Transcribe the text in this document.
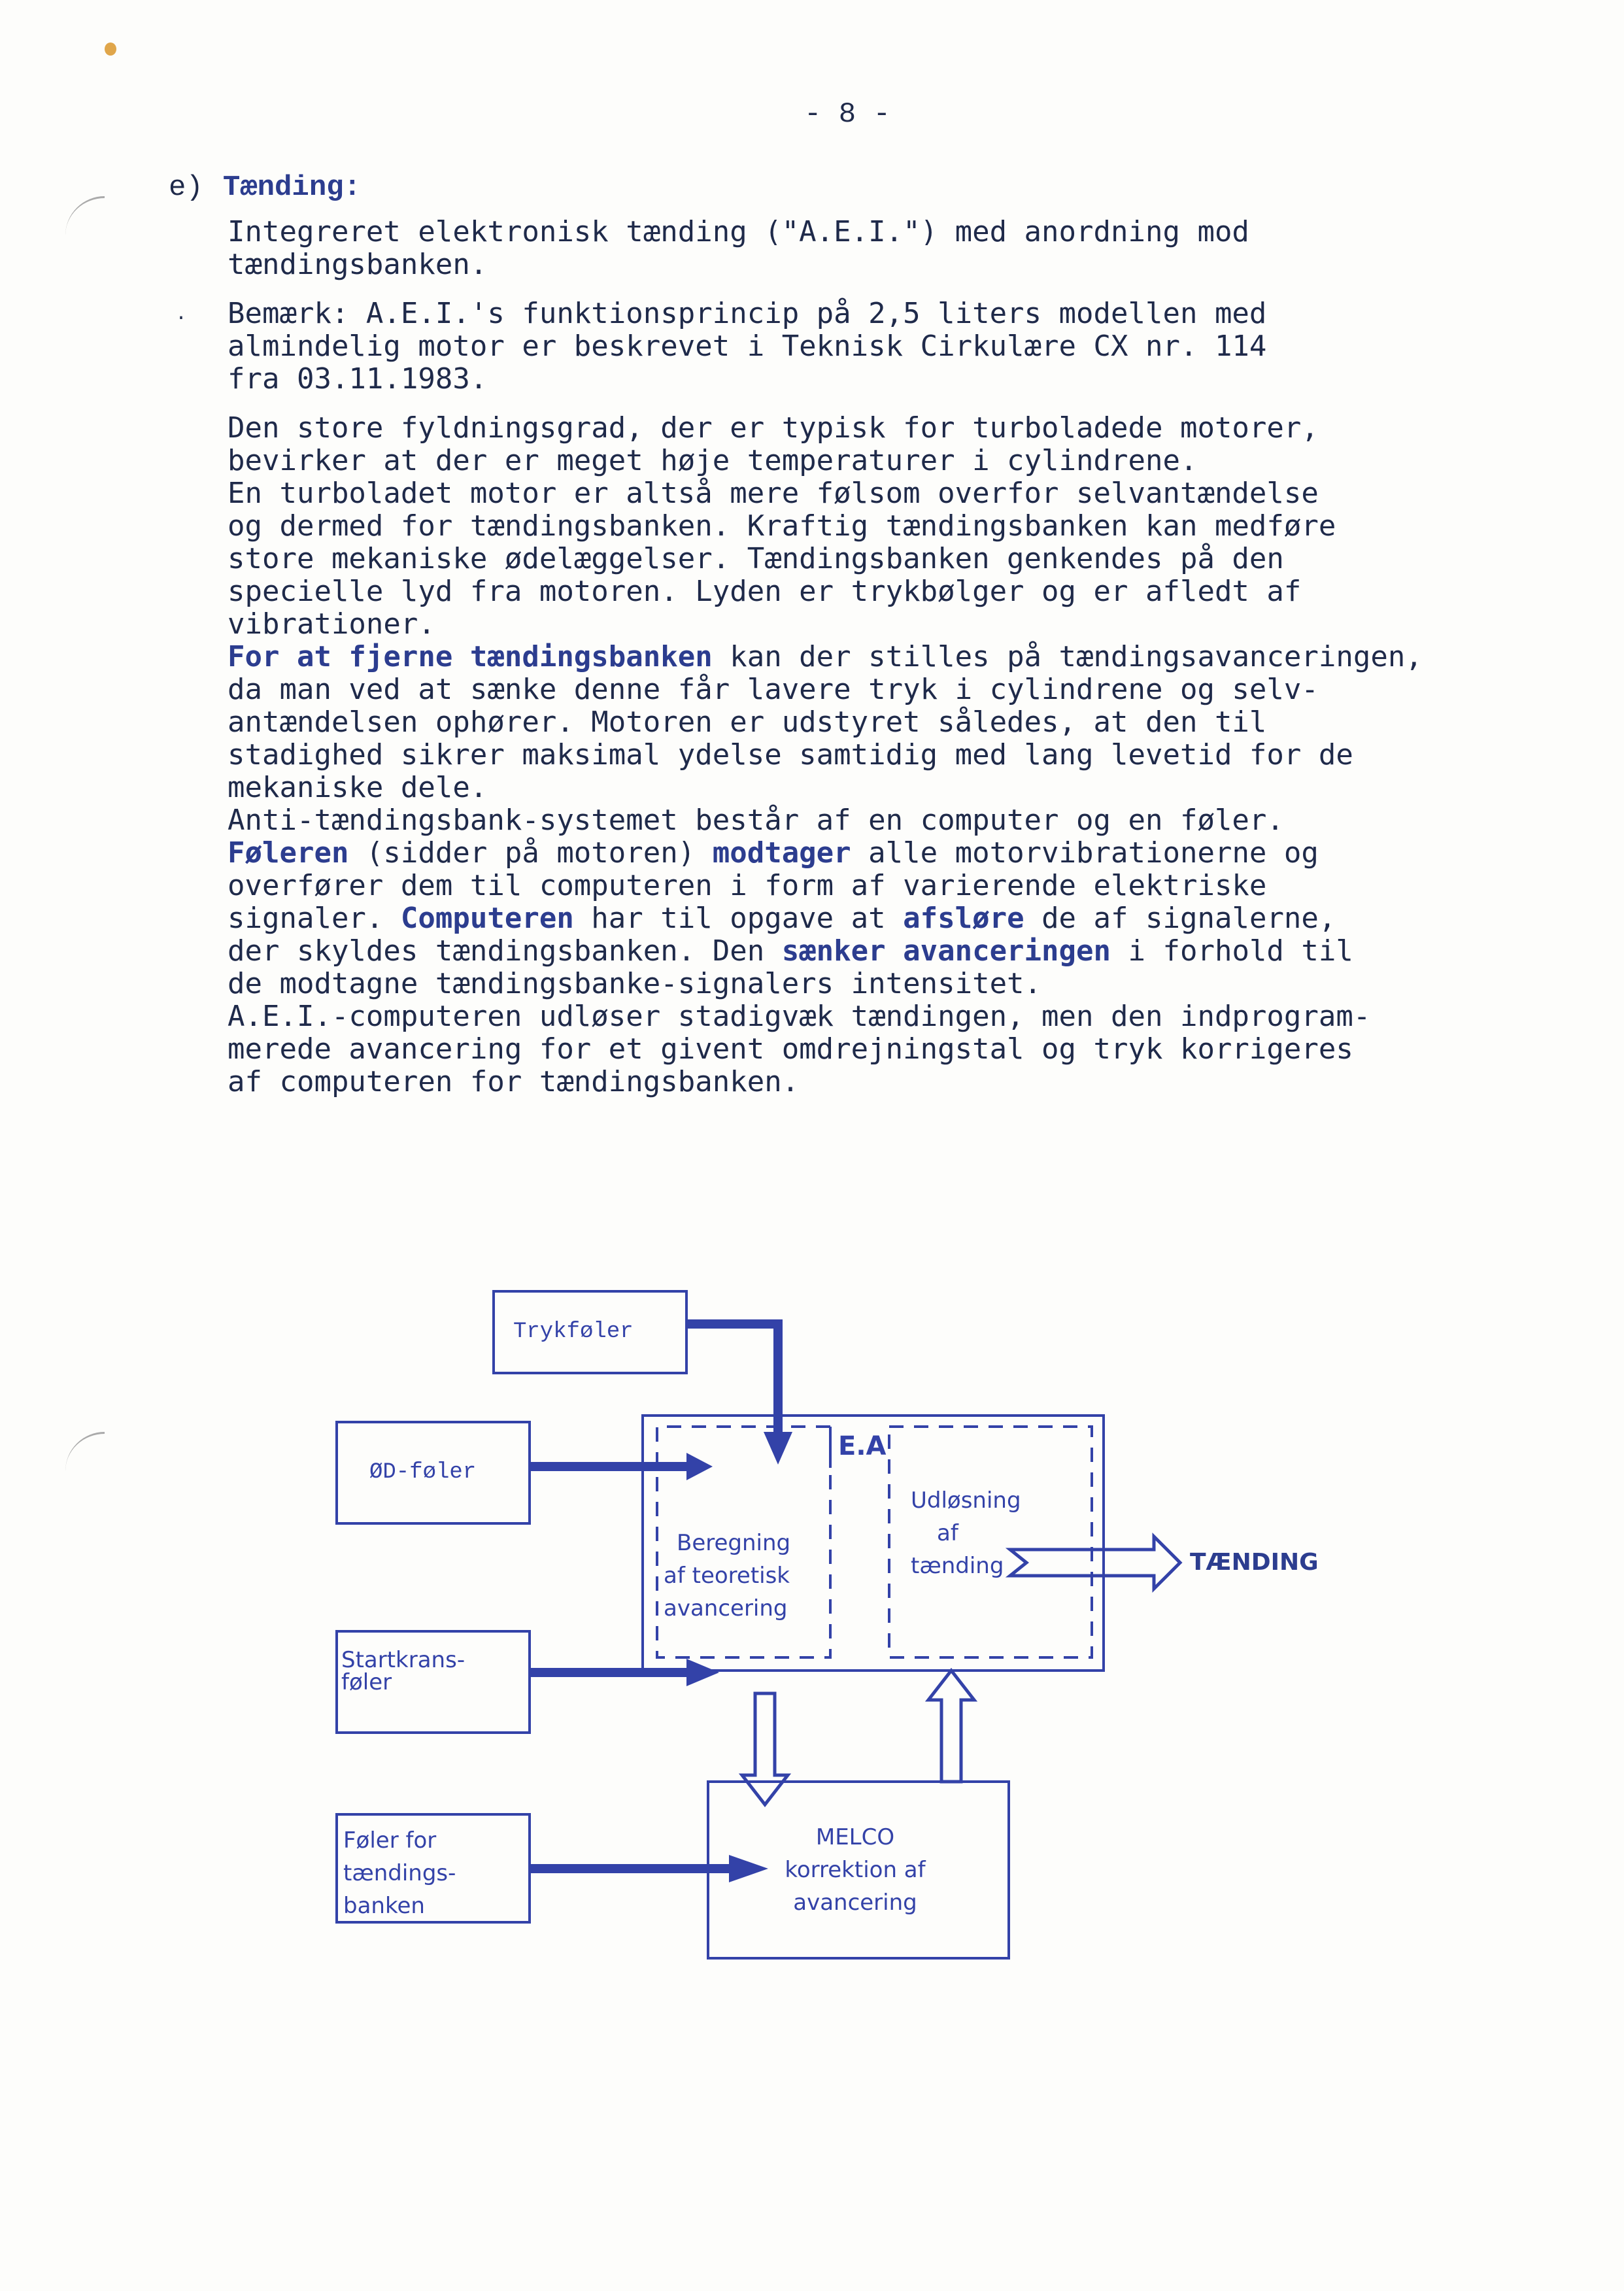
- 8 -
e) Tænding:
·
Integreret elektronisk tænding ("A.E.I.") med anordning mod
tændingsbanken.
Bemærk: A.E.I.'s funktionsprincip på 2,5 liters modellen med
almindelig motor er beskrevet i Teknisk Cirkulære CX nr. 114
fra 03.11.1983.
Den store fyldningsgrad, der er typisk for turboladede motorer,
bevirker at der er meget høje temperaturer i cylindrene.
En turboladet motor er altså mere følsom overfor selvantændelse
og dermed for tændingsbanken. Kraftig tændingsbanken kan medføre
store mekaniske ødelæggelser. Tændingsbanken genkendes på den
specielle lyd fra motoren. Lyden er trykbølger og er afledt af
vibrationer.
For at fjerne tændingsbanken kan der stilles på tændingsavanceringen,
da man ved at sænke denne får lavere tryk i cylindrene og selv-
antændelsen ophører. Motoren er udstyret således, at den til
stadighed sikrer maksimal ydelse samtidig med lang levetid for de
mekaniske dele.
Anti-tændingsbank-systemet består af en computer og en føler.
Føleren (sidder på motoren) modtager alle motorvibrationerne og
overfører dem til computeren i form af varierende elektriske
signaler. Computeren har til opgave at afsløre de af signalerne,
der skyldes tændingsbanken. Den sænker avanceringen i forhold til
de modtagne tændingsbanke-signalers intensitet.
A.E.I.-computeren udløser stadigvæk tændingen, men den indprogram-
merede avancering for et givent omdrejningstal og tryk korrigeres
af computeren for tændingsbanken.
Trykføler
ØD-føler
Startkrans-
føler
Føler for
tændings-
banken
E.A
Beregning
af teoretisk
avancering
Udløsning
af
tænding
MELCO
korrektion af
avancering
TÆNDING
